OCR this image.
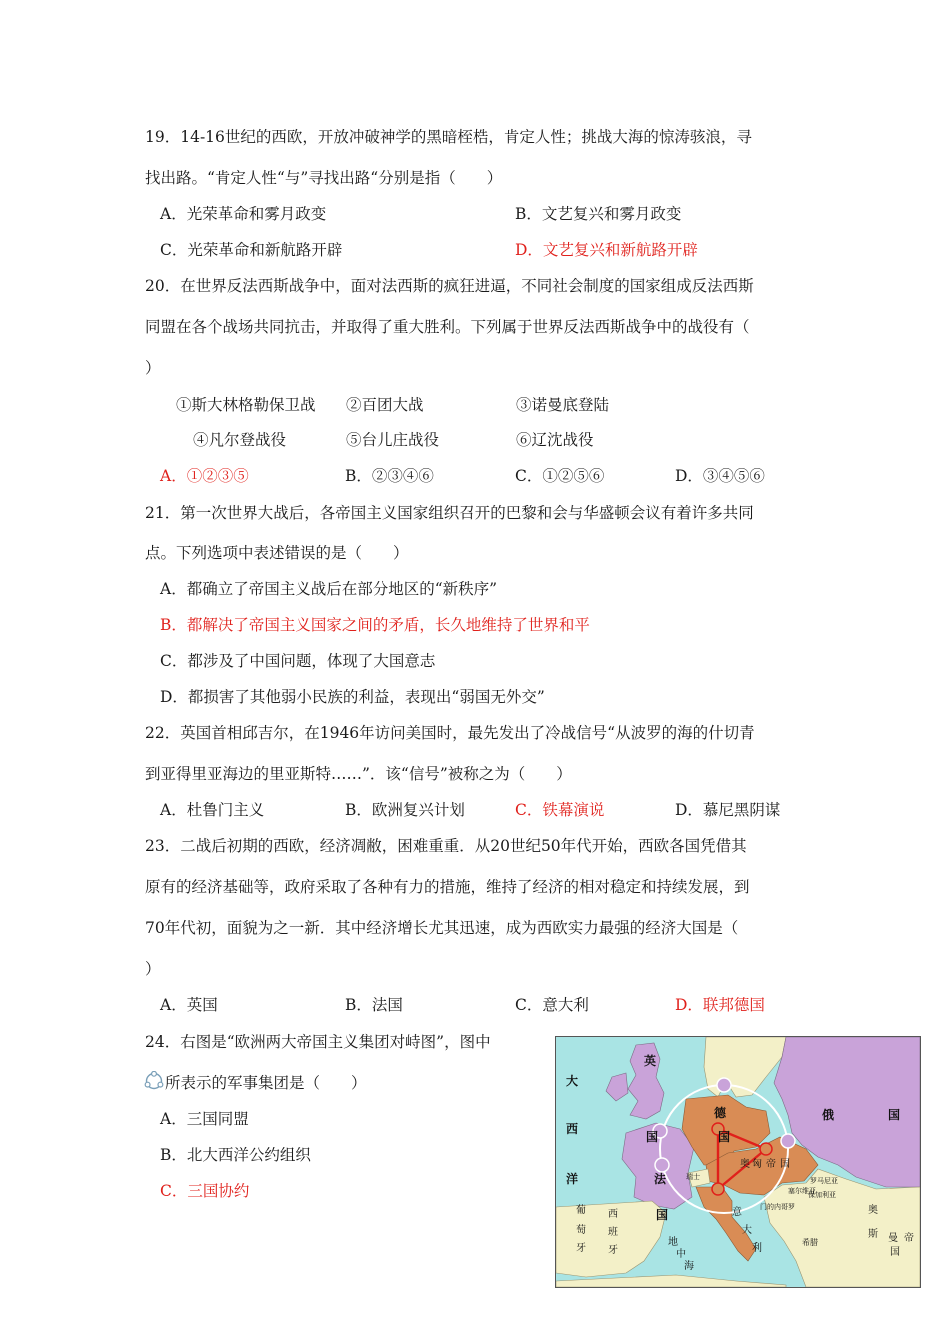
19．14-16世纪的西欧，开放冲破神学的黑暗桎梏，肯定人性；挑战大海的惊涛骇浪，寻
找出路。“肯定人性“与”寻找出路“分别是指（　　）
A．光荣革命和雾月政变	B．文艺复兴和雾月政变
C．光荣革命和新航路开辟	D．文艺复兴和新航路开辟
20．在世界反法西斯战争中，面对法西斯的疯狂进逼，不同社会制度的国家组成反法西斯
同盟在各个战场共同抗击，并取得了重大胜利。下列属于世界反法西斯战争中的战役有（
）
①斯大林格勒保卫战 ②百团大战	③诺曼底登陆
④凡尔登战役	⑤台儿庄战役	⑥辽沈战役
A．①②③⑤	B．②③④⑥	C．①②⑤⑥	D．③④⑤⑥
21．第一次世界大战后，各帝国主义国家组织召开的巴黎和会与华盛顿会议有着许多共同
点。下列选项中表述错误的是（　　）
A．都确立了帝国主义战后在部分地区的“新秩序”
B．都解决了帝国主义国家之间的矛盾，长久地维持了世界和平
C．都涉及了中国问题，体现了大国意志
D．都损害了其他弱小民族的利益，表现出“弱国无外交”
22．英国首相邱吉尔，在1946年访问美国时，最先发出了冷战信号“从波罗的海的什切青
到亚得里亚海边的里亚斯特……”．该“信号”被称之为（　　）
A．杜鲁门主义	B．欧洲复兴计划	C．铁幕演说	D．慕尼黑阴谋
23．二战后初期的西欧，经济凋敝，困难重重．从20世纪50年代开始，西欧各国凭借其
原有的经济基础等，政府采取了各种有力的措施，维持了经济的相对稳定和持续发展，到
70年代初，面貌为之一新．其中经济增长尤其迅速，成为西欧实力最强的经济大国是（
）
A．英国	B．法国	C．意大利	D．联邦德国
24．右图是“欧洲两大帝国主义集团对峙图”，图中
所表示的军事集团是（　　）
A．三国同盟
B．北大西洋公约组织
C．三国协约
英
国
法
国
德
国
奥 匈 帝 国
俄	国
意
大
利
大
西
洋
葡
萄
牙
西
班
牙
瑞士	罗马尼亚
保加利亚
塞尔维亚
门的内哥罗
希腊
奥
斯 曼 帝
国
地
中
海
